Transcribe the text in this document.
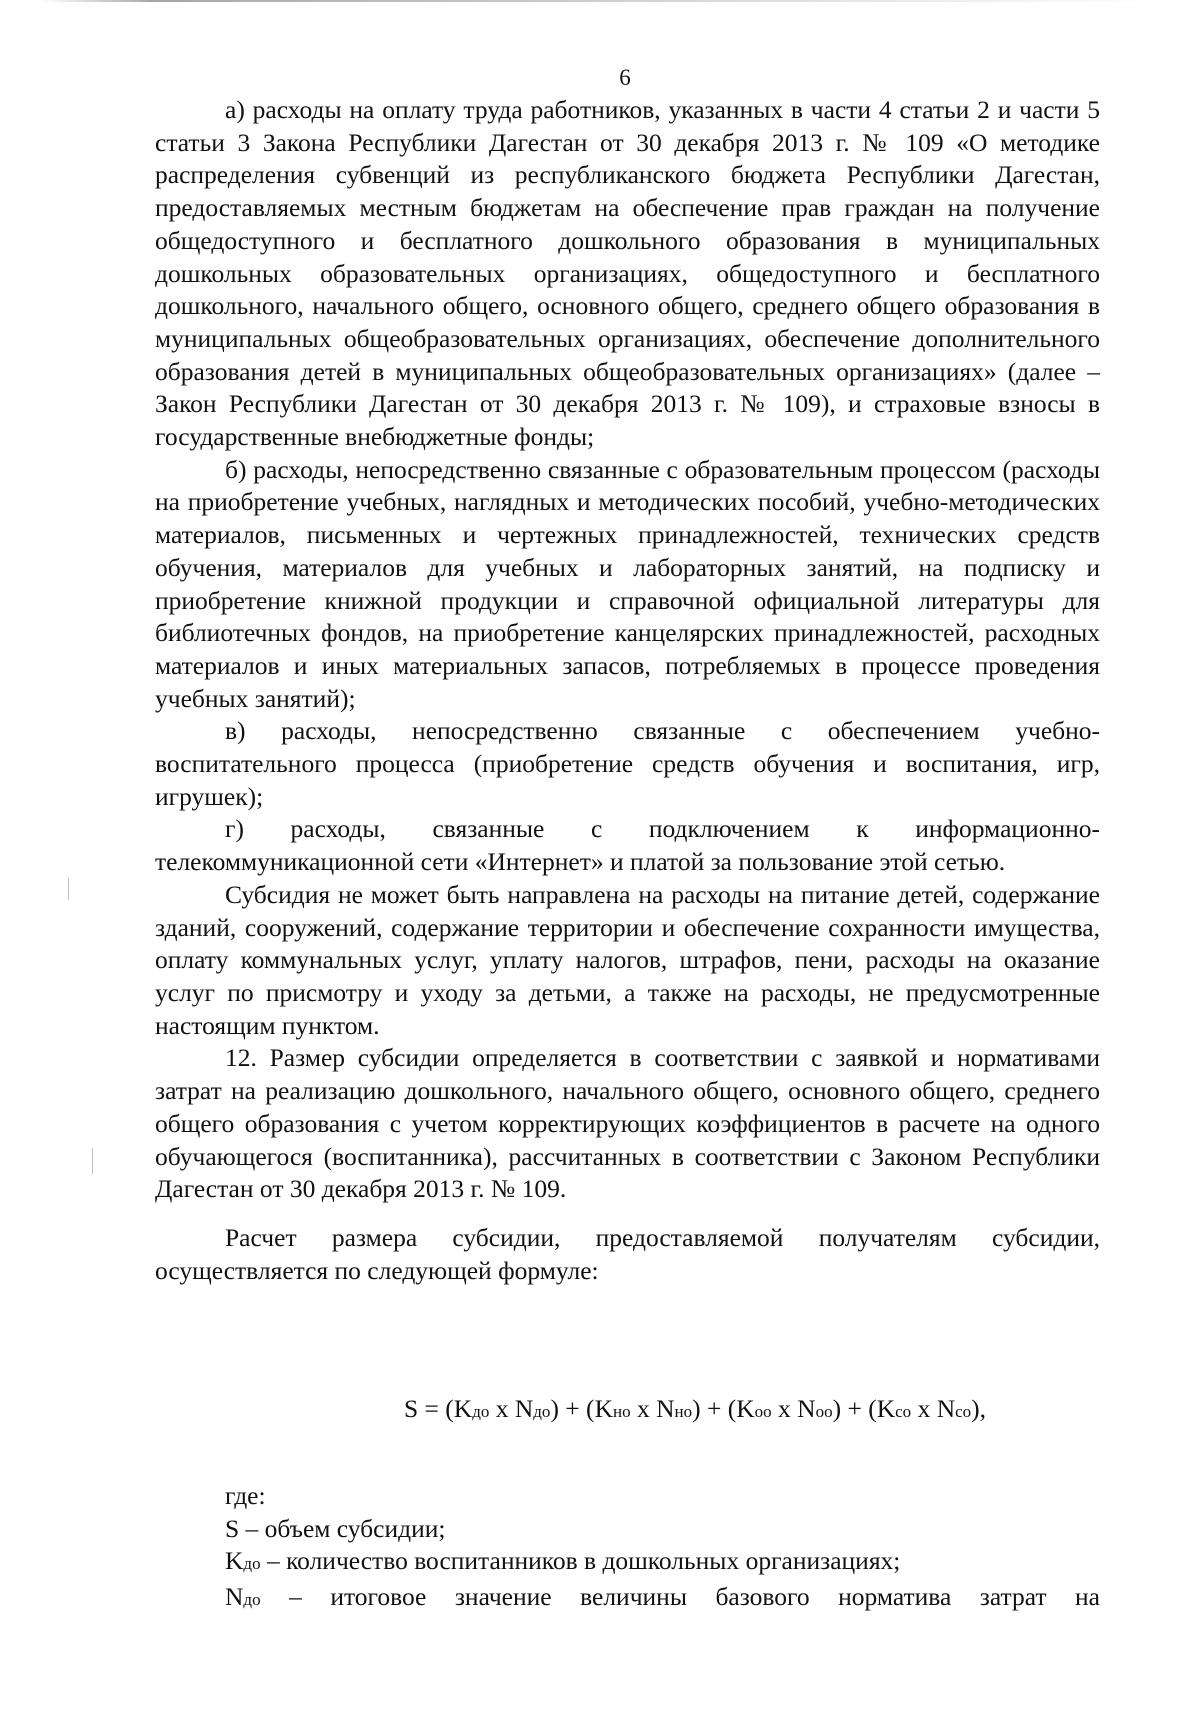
6

а) расходы на оплату труда работников, указанных в части 4 статьи 2 и части 5 статьи 3 Закона Республики Дагестан от 30 декабря 2013 г. № 109 «О методике распределения субвенций из республиканского бюджета Республики Дагестан, предоставляемых местным бюджетам на обеспечение прав граждан на получение общедоступного и бесплатного дошкольного образования в муниципальных дошкольных образовательных организациях, общедоступного и бесплатного дошкольного, начального общего, основного общего, среднего общего образования в муниципальных общеобразовательных организациях, обеспечение дополнительного образования детей в муниципальных общеобразовательных организациях» (далее – Закон Республики Дагестан от 30 декабря 2013 г. № 109), и страховые взносы в государственные внебюджетные фонды;

б) расходы, непосредственно связанные с образовательным процессом (расходы на приобретение учебных, наглядных и методических пособий, учебно-методических материалов, письменных и чертежных принадлежностей, технических средств обучения, материалов для учебных и лабораторных занятий, на подписку и приобретение книжной продукции и справочной официальной литературы для библиотечных фондов, на приобретение канцелярских принадлежностей, расходных материалов и иных материальных запасов, потребляемых в процессе проведения учебных занятий);

в) расходы, непосредственно связанные с обеспечением учебно-воспитательного процесса (приобретение средств обучения и воспитания, игр, игрушек);

г) расходы, связанные с подключением к информационно-телекоммуникационной сети «Интернет» и платой за пользование этой сетью.

Субсидия не может быть направлена на расходы на питание детей, содержание зданий, сооружений, содержание территории и обеспечение сохранности имущества, оплату коммунальных услуг, уплату налогов, штрафов, пени, расходы на оказание услуг по присмотру и уходу за детьми, а также на расходы, не предусмотренные настоящим пунктом.

12. Размер субсидии определяется в соответствии с заявкой и нормативами затрат на реализацию дошкольного, начального общего, основного общего, среднего общего образования с учетом корректирующих коэффициентов в расчете на одного обучающегося (воспитанника), рассчитанных в соответствии с Законом Республики Дагестан от 30 декабря 2013 г. № 109.

Расчет размера субсидии, предоставляемой получателям субсидии, осуществляется по следующей формуле:

S = (Kдо x Nдо) + (Kно x Nно) + (Kоо x Nоо) + (Kсо x Nсо),

где:

S – объем субсидии;

Kдо – количество воспитанников в дошкольных организациях;

Nдо – итоговое значение величины базового норматива затрат на
